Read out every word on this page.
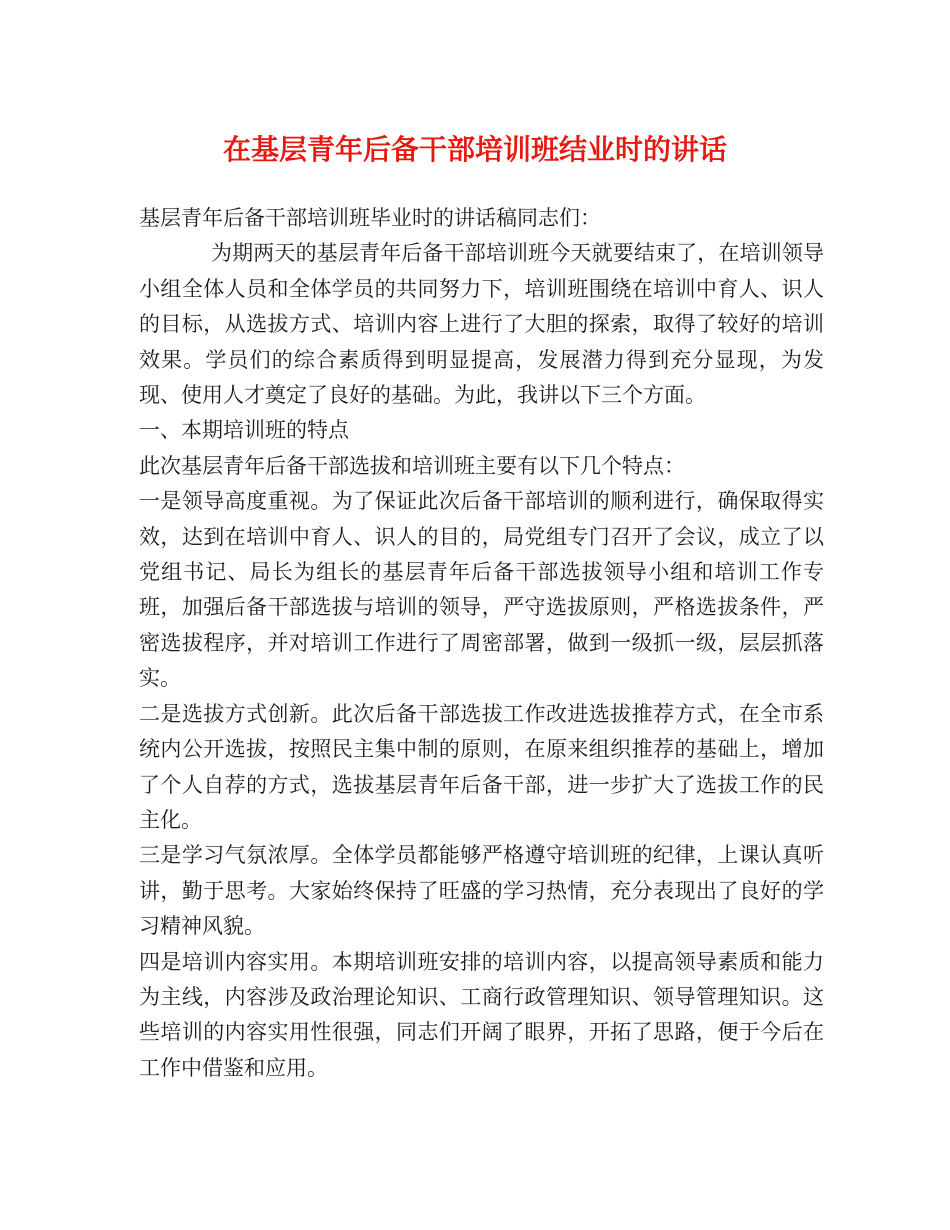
在基层青年后备干部培训班结业时的讲话

基层青年后备干部培训班毕业时的讲话稿同志们：

为期两天的基层青年后备干部培训班今天就要结束了，在培训领导小组全体人员和全体学员的共同努力下，培训班围绕在培训中育人、识人的目标，从选拔方式、培训内容上进行了大胆的探索，取得了较好的培训效果。学员们的综合素质得到明显提高，发展潜力得到充分显现，为发现、使用人才奠定了良好的基础。为此，我讲以下三个方面。

一、本期培训班的特点

此次基层青年后备干部选拔和培训班主要有以下几个特点：

一是领导高度重视。为了保证此次后备干部培训的顺利进行，确保取得实效，达到在培训中育人、识人的目的，局党组专门召开了会议，成立了以党组书记、局长为组长的基层青年后备干部选拔领导小组和培训工作专班，加强后备干部选拔与培训的领导，严守选拔原则，严格选拔条件，严密选拔程序，并对培训工作进行了周密部署，做到一级抓一级，层层抓落实。

二是选拔方式创新。此次后备干部选拔工作改进选拔推荐方式，在全市系统内公开选拔，按照民主集中制的原则，在原来组织推荐的基础上，增加了个人自荐的方式，选拔基层青年后备干部，进一步扩大了选拔工作的民主化。

三是学习气氛浓厚。全体学员都能够严格遵守培训班的纪律，上课认真听讲，勤于思考。大家始终保持了旺盛的学习热情，充分表现出了良好的学习精神风貌。

四是培训内容实用。本期培训班安排的培训内容，以提高领导素质和能力为主线，内容涉及政治理论知识、工商行政管理知识、领导管理知识。这些培训的内容实用性很强，同志们开阔了眼界，开拓了思路，便于今后在工作中借鉴和应用。
